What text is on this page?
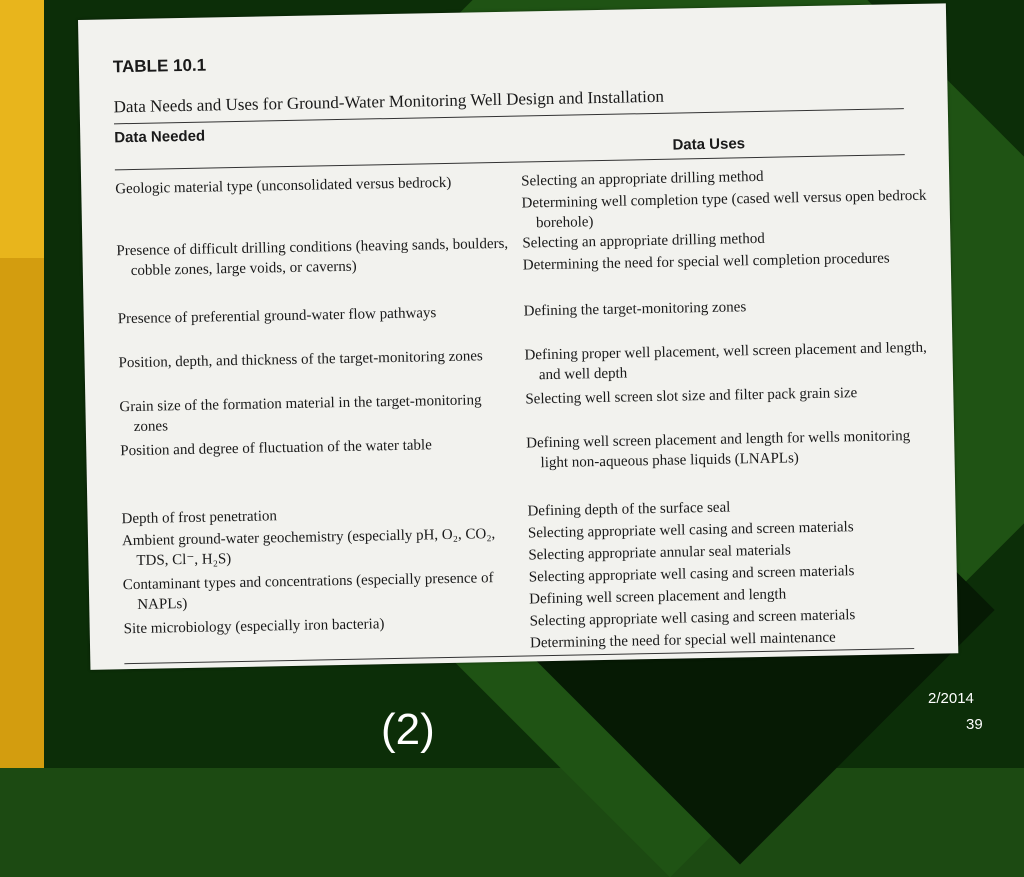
TABLE 10.1
Data Needs and Uses for Ground-Water Monitoring Well Design and Installation
Data Needed	Data Uses
Geologic material type (unconsolidated versus bedrock)
Presence of difficult drilling conditions (heaving sands, boulders, cobble zones, large voids, or caverns)
Presence of preferential ground-water flow pathways
Position, depth, and thickness of the target-monitoring zones
Grain size of the formation material in the target-monitoring zones
Position and degree of fluctuation of the water table
Depth of frost penetration
Ambient ground-water geochemistry (especially pH, O₂, CO₂, TDS, Cl⁻, H₂S)
Contaminant types and concentrations (especially presence of NAPLs)
Site microbiology (especially iron bacteria)
Selecting an appropriate drilling method
Determining well completion type (cased well versus open bedrock borehole)
Selecting an appropriate drilling method
Determining the need for special well completion procedures
Defining the target-monitoring zones
Defining proper well placement, well screen placement and length, and well depth
Selecting well screen slot size and filter pack grain size
Defining well screen placement and length for wells monitoring light non-aqueous phase liquids (LNAPLs)
Defining depth of the surface seal
Selecting appropriate well casing and screen materials
Selecting appropriate annular seal materials
Selecting appropriate well casing and screen materials
Defining well screen placement and length
Selecting appropriate well casing and screen materials
Determining the need for special well maintenance
2/2014
39
(2)
